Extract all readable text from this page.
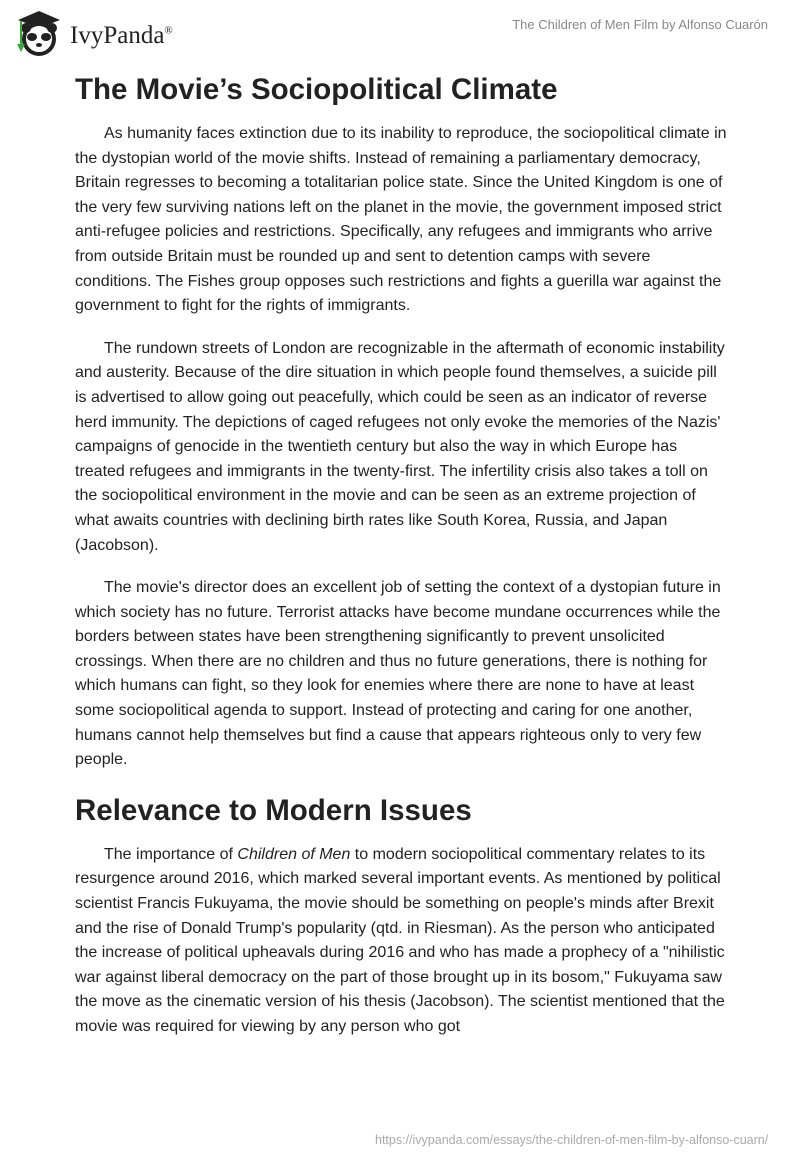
IvyPanda®	The Children of Men Film by Alfonso Cuarón
The Movie’s Sociopolitical Climate

As humanity faces extinction due to its inability to reproduce, the sociopolitical climate in the dystopian world of the movie shifts. Instead of remaining a parliamentary democracy, Britain regresses to becoming a totalitarian police state. Since the United Kingdom is one of the very few surviving nations left on the planet in the movie, the government imposed strict anti-refugee policies and restrictions. Specifically, any refugees and immigrants who arrive from outside Britain must be rounded up and sent to detention camps with severe conditions. The Fishes group opposes such restrictions and fights a guerilla war against the government to fight for the rights of immigrants.

The rundown streets of London are recognizable in the aftermath of economic instability and austerity. Because of the dire situation in which people found themselves, a suicide pill is advertised to allow going out peacefully, which could be seen as an indicator of reverse herd immunity. The depictions of caged refugees not only evoke the memories of the Nazis' campaigns of genocide in the twentieth century but also the way in which Europe has treated refugees and immigrants in the twenty-first. The infertility crisis also takes a toll on the sociopolitical environment in the movie and can be seen as an extreme projection of what awaits countries with declining birth rates like South Korea, Russia, and Japan (Jacobson).

The movie's director does an excellent job of setting the context of a dystopian future in which society has no future. Terrorist attacks have become mundane occurrences while the borders between states have been strengthening significantly to prevent unsolicited crossings. When there are no children and thus no future generations, there is nothing for which humans can fight, so they look for enemies where there are none to have at least some sociopolitical agenda to support. Instead of protecting and caring for one another, humans cannot help themselves but find a cause that appears righteous only to very few people.

Relevance to Modern Issues

The importance of Children of Men to modern sociopolitical commentary relates to its resurgence around 2016, which marked several important events. As mentioned by political scientist Francis Fukuyama, the movie should be something on people's minds after Brexit and the rise of Donald Trump's popularity (qtd. in Riesman). As the person who anticipated the increase of political upheavals during 2016 and who has made a prophecy of a "nihilistic war against liberal democracy on the part of those brought up in its bosom," Fukuyama saw the move as the cinematic version of his thesis (Jacobson). The scientist mentioned that the movie was required for viewing by any person who got

https://ivypanda.com/essays/the-children-of-men-film-by-alfonso-cuarn/
